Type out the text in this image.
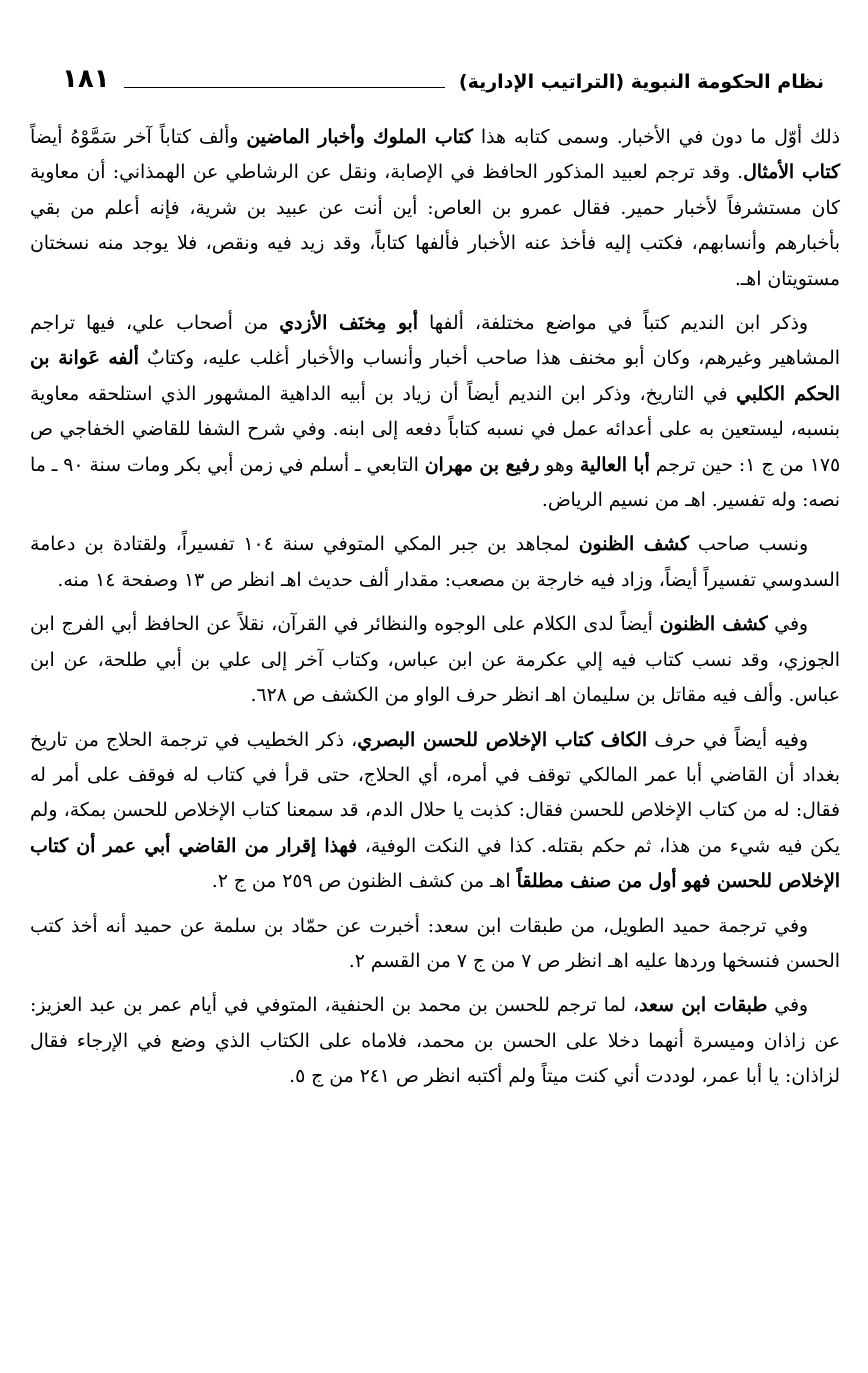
نظام الحكومة النبوية (التراتيب الإدارية)
١٨١

ذلك أوّل ما دون في الأخبار. وسمى كتابه هذا كتاب الملوك وأخبار الماضين وألف كتاباً آخر سَمَّوْهُ أيضاً كتاب الأمثال. وقد ترجم لعبيد المذكور الحافظ في الإصابة، ونقل عن الرشاطي عن الهمذاني: أن معاوية كان مستشرفاً لأخبار حمير. فقال عمرو بن العاص: أين أنت عن عبيد بن شرية، فإنه أعلم من بقي بأخبارهم وأنسابهم، فكتب إليه فأخذ عنه الأخبار فألفها كتاباً، وقد زيد فيه ونقص، فلا يوجد منه نسختان مستويتان اهـ.

وذكر ابن النديم كتباً في مواضع مختلفة، ألفها أبو مِخنَف الأزدي من أصحاب علي، فيها تراجم المشاهير وغيرهم، وكان أبو مخنف هذا صاحب أخبار وأنساب والأخبار أغلب عليه، وكتابٌ ألفه عَوانة بن الحكم الكلبي في التاريخ، وذكر ابن النديم أيضاً أن زياد بن أبيه الداهية المشهور الذي استلحقه معاوية بنسبه، ليستعين به على أعدائه عمل في نسبه كتاباً دفعه إلى ابنه. وفي شرح الشفا للقاضي الخفاجي ص ١٧٥ من ج ١: حين ترجم أبا العالية وهو رفيع بن مهران التابعي ـ أسلم في زمن أبي بكر ومات سنة ٩٠ ـ ما نصه: وله تفسير. اهـ من نسيم الرياض.

ونسب صاحب كشف الظنون لمجاهد بن جبر المكي المتوفي سنة ١٠٤ تفسيراً، ولقتادة بن دعامة السدوسي تفسيراً أيضاً، وزاد فيه خارجة بن مصعب: مقدار ألف حديث اهـ انظر ص ١٣ وصفحة ١٤ منه.

وفي كشف الظنون أيضاً لدى الكلام على الوجوه والنظائر في القرآن، نقلاً عن الحافظ أبي الفرج ابن الجوزي، وقد نسب كتاب فيه إلي عكرمة عن ابن عباس، وكتاب آخر إلى علي بن أبي طلحة، عن ابن عباس. وألف فيه مقاتل بن سليمان اهـ انظر حرف الواو من الكشف ص ٦٢٨.

وفيه أيضاً في حرف الكاف كتاب الإخلاص للحسن البصري، ذكر الخطيب في ترجمة الحلاج من تاريخ بغداد أن القاضي أبا عمر المالكي توقف في أمره، أي الحلاج، حتى قرأ في كتاب له فوقف على أمر له فقال: له من كتاب الإخلاص للحسن فقال: كذبت يا حلال الدم، قد سمعنا كتاب الإخلاص للحسن بمكة، ولم يكن فيه شيء من هذا، ثم حكم بقتله. كذا في النكت الوفية، فهذا إقرار من القاضي أبي عمر أن كتاب الإخلاص للحسن فهو أول من صنف مطلقاً اهـ من كشف الظنون ص ٢٥٩ من ج ٢.

وفي ترجمة حميد الطويل، من طبقات ابن سعد: أخبرت عن حمّاد بن سلمة عن حميد أنه أخذ كتب الحسن فنسخها وردها عليه اهـ انظر ص ٧ من ج ٧ من القسم ٢.

وفي طبقات ابن سعد، لما ترجم للحسن بن محمد بن الحنفية، المتوفي في أيام عمر بن عبد العزيز: عن زاذان وميسرة أنهما دخلا على الحسن بن محمد، فلاماه على الكتاب الذي وضع في الإرجاء فقال لزاذان: يا أبا عمر، لوددت أني كنت ميتاً ولم أكتبه انظر ص ٢٤١ من ج ٥.
